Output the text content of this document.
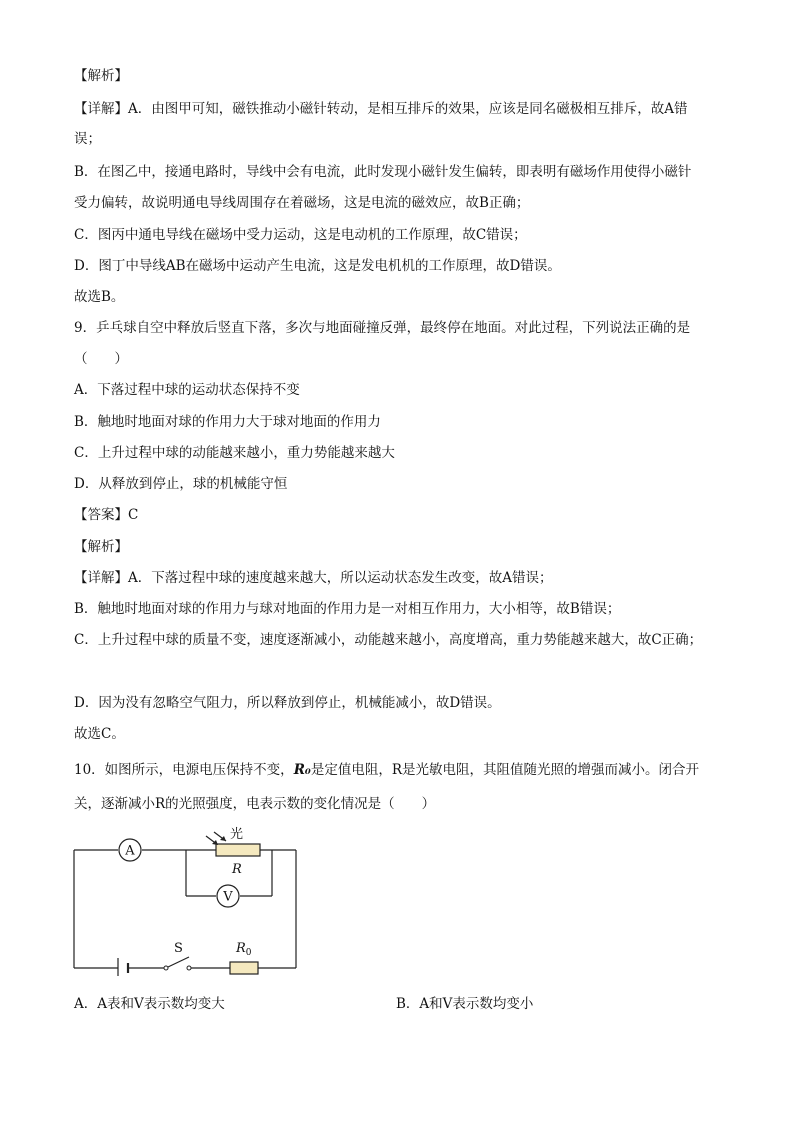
【解析】
【详解】A．由图甲可知，磁铁推动小磁针转动，是相互排斥的效果，应该是同名磁极相互排斥，故A错
误；
B．在图乙中，接通电路时，导线中会有电流，此时发现小磁针发生偏转，即表明有磁场作用使得小磁针
受力偏转，故说明通电导线周围存在着磁场，这是电流的磁效应，故B正确；
C．图丙中通电导线在磁场中受力运动，这是电动机的工作原理，故C错误；
D．图丁中导线AB在磁场中运动产生电流，这是发电机机的工作原理，故D错误。
故选B。
9．乒乓球自空中释放后竖直下落，多次与地面碰撞反弹，最终停在地面。对此过程，下列说法正确的是
（　　）
A．下落过程中球的运动状态保持不变
B．触地时地面对球的作用力大于球对地面的作用力
C．上升过程中球的动能越来越小，重力势能越来越大
D．从释放到停止，球的机械能守恒
【答案】C
【解析】
【详解】A．下落过程中球的速度越来越大，所以运动状态发生改变，故A错误；
B．触地时地面对球的作用力与球对地面的作用力是一对相互作用力，大小相等，故B错误；
C．上升过程中球的质量不变，速度逐渐减小，动能越来越小，高度增高，重力势能越来越大，故C正确；
D．因为没有忽略空气阻力，所以释放到停止，机械能减小，故D错误。
故选C。
10．如图所示，电源电压保持不变，R₀是定值电阻，R是光敏电阻，其阻值随光照的增强而减小。闭合开
关，逐渐减小R的光照强度，电表示数的变化情况是（　　）
A
V
光
R
S	$R_0$
A．A表和V表示数均变大	B．A和V表示数均变小
